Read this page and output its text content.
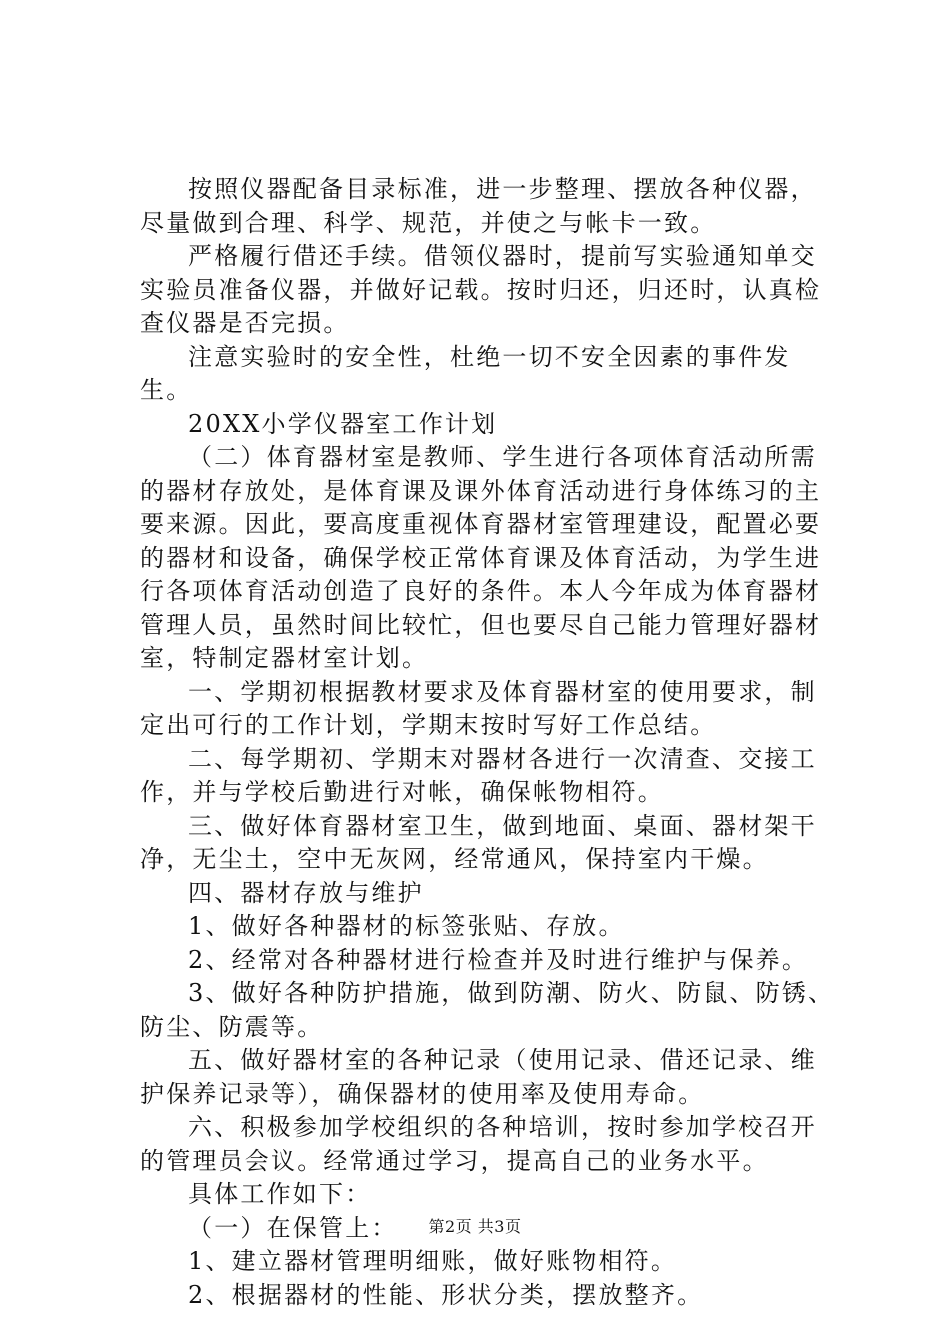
按照仪器配备目录标准，进一步整理、摆放各种仪器，尽量做到合理、科学、规范，并使之与帐卡一致。

严格履行借还手续。借领仪器时，提前写实验通知单交实验员准备仪器，并做好记载。按时归还，归还时，认真检查仪器是否完损。

注意实验时的安全性，杜绝一切不安全因素的事件发生。

20XX小学仪器室工作计划

（二）体育器材室是教师、学生进行各项体育活动所需的器材存放处，是体育课及课外体育活动进行身体练习的主要来源。因此，要高度重视体育器材室管理建设，配置必要的器材和设备，确保学校正常体育课及体育活动，为学生进行各项体育活动创造了良好的条件。本人今年成为体育器材管理人员，虽然时间比较忙，但也要尽自己能力管理好器材室，特制定器材室计划。

一、学期初根据教材要求及体育器材室的使用要求，制定出可行的工作计划，学期末按时写好工作总结。

二、每学期初、学期末对器材各进行一次清查、交接工作，并与学校后勤进行对帐，确保帐物相符。

三、做好体育器材室卫生，做到地面、桌面、器材架干净，无尘土，空中无灰网，经常通风，保持室内干燥。

四、器材存放与维护

1、做好各种器材的标签张贴、存放。

2、经常对各种器材进行检查并及时进行维护与保养。

3、做好各种防护措施，做到防潮、防火、防鼠、防锈、防尘、防震等。

五、做好器材室的各种记录（使用记录、借还记录、维护保养记录等），确保器材的使用率及使用寿命。

六、积极参加学校组织的各种培训，按时参加学校召开的管理员会议。经常通过学习，提高自己的业务水平。

具体工作如下：

（一）在保管上：

1、建立器材管理明细账，做好账物相符。

2、根据器材的性能、形状分类，摆放整齐。

第2页 共3页
